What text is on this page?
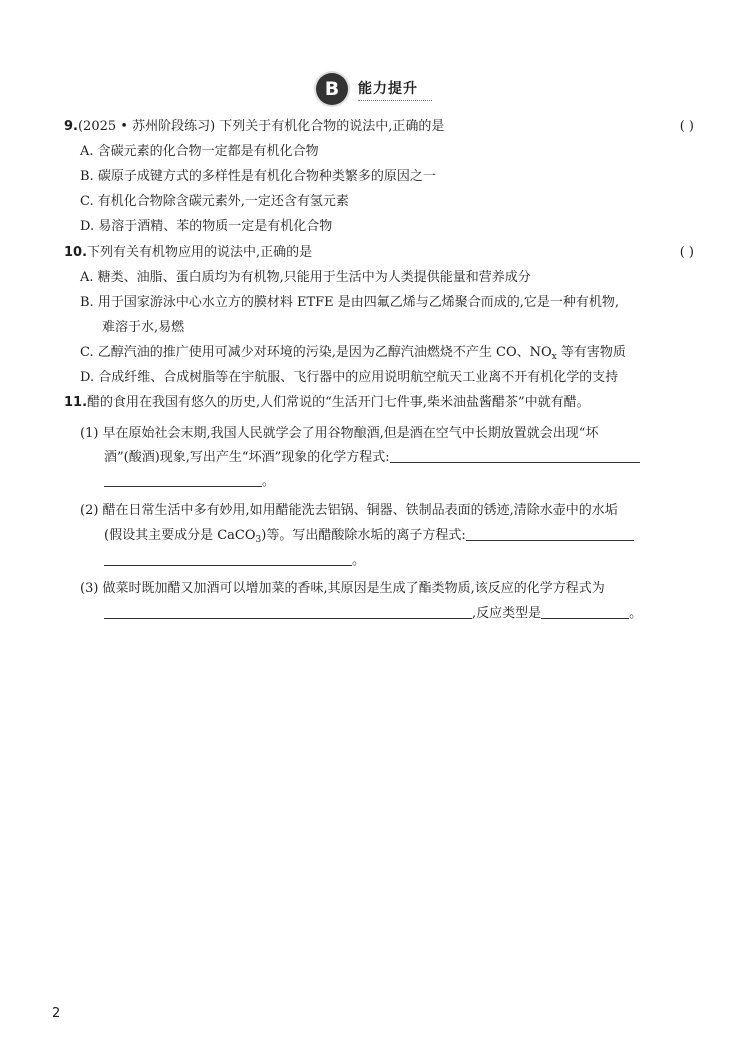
B	能力提升
9.(2025 • 苏州阶段练习) 下列关于有机化合物的说法中,正确的是	( )
A. 含碳元素的化合物一定都是有机化合物
B. 碳原子成键方式的多样性是有机化合物种类繁多的原因之一
C. 有机化合物除含碳元素外,一定还含有氢元素
D. 易溶于酒精、苯的物质一定是有机化合物
10.下列有关有机物应用的说法中,正确的是	( )
A. 糖类、油脂、蛋白质均为有机物,只能用于生活中为人类提供能量和营养成分
B. 用于国家游泳中心水立方的膜材料 ETFE 是由四氟乙烯与乙烯聚合而成的,它是一种有机物,
难溶于水,易燃
C. 乙醇汽油的推广使用可减少对环境的污染,是因为乙醇汽油燃烧不产生 CO、$NO_x$ 等有害物质
D. 合成纤维、合成树脂等在宇航服、飞行器中的应用说明航空航天工业离不开有机化学的支持
11.醋的食用在我国有悠久的历史,人们常说的“生活开门七件事,柴米油盐酱醋茶”中就有醋。
(1) 早在原始社会末期,我国人民就学会了用谷物酿酒,但是酒在空气中长期放置就会出现“坏
酒”(酸酒)现象,写出产生“坏酒”现象的化学方程式:
。
(2) 醋在日常生活中多有妙用,如用醋能洗去铝锅、铜器、铁制品表面的锈迹,清除水壶中的水垢
(假设其主要成分是 CaCO$_3$)等。写出醋酸除水垢的离子方程式:
。
(3) 做菜时既加醋又加酒可以增加菜的香味,其原因是生成了酯类物质,该反应的化学方程式为
,反应类型是	。
2
